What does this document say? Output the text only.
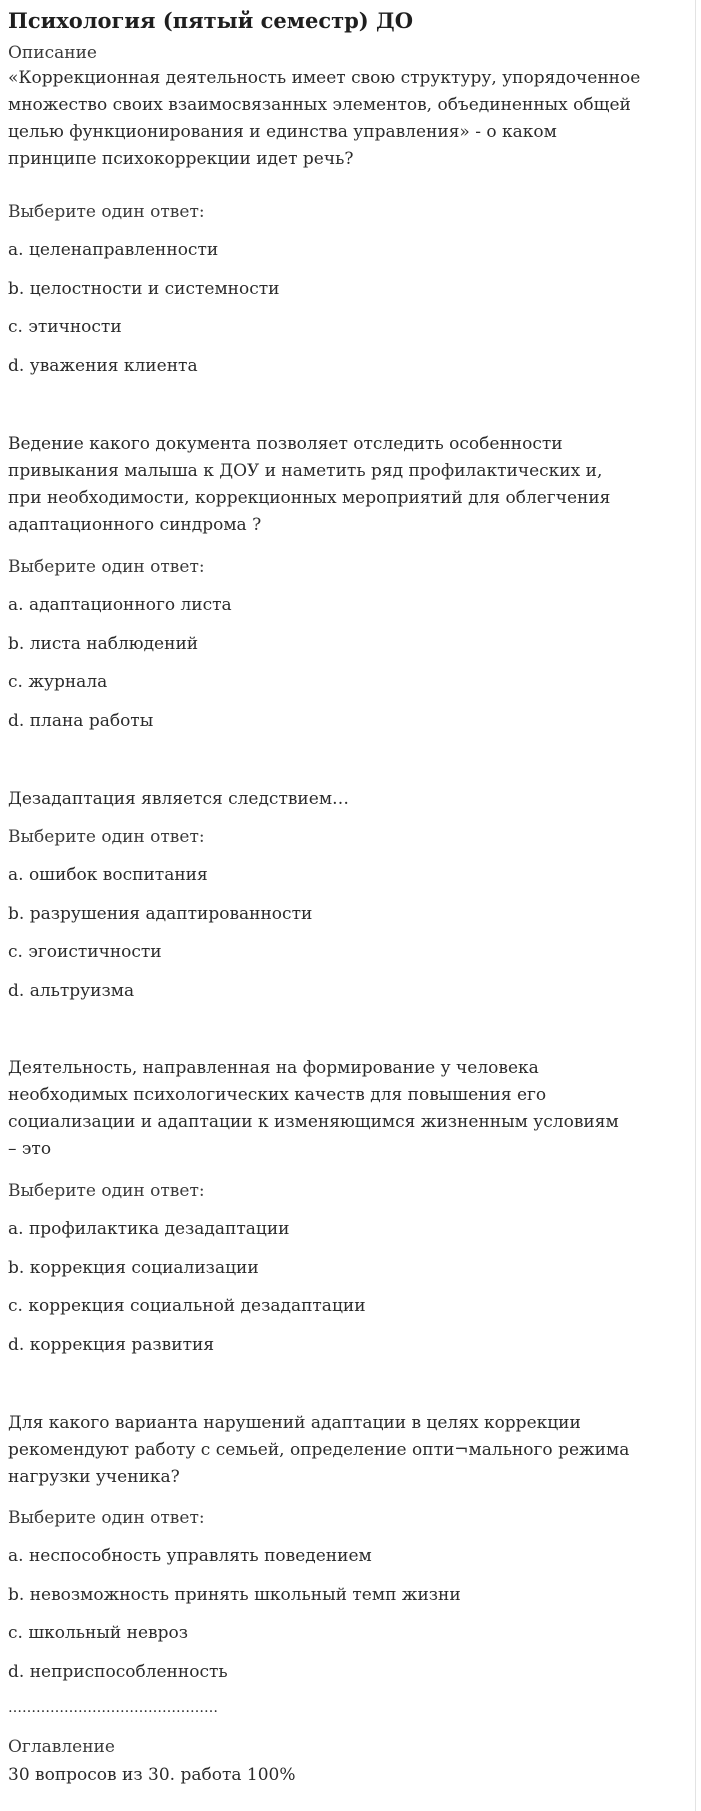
Психология (пятый семестр) ДО
Описание
«Коррекционная деятельность имеет свою структуру, упорядоченное
множество своих взаимосвязанных элементов, объединенных общей
целью функционирования и единства управления» - о каком
принципе психокоррекции идет речь?
Выберите один ответ:
a. целенаправленности
b. целостности и системности
c. этичности
d. уважения клиента
Ведение какого документа позволяет отследить особенности
привыкания малыша к ДОУ и наметить ряд профилактических и,
при необходимости, коррекционных мероприятий для облегчения
адаптационного синдрома ?
Выберите один ответ:
a. адаптационного листа
b. листа наблюдений
c. журнала
d. плана работы
Дезадаптация является следствием…
Выберите один ответ:
a. ошибок воспитания
b. разрушения адаптированности
c. эгоистичности
d. альтруизма
Деятельность, направленная на формирование у человека
необходимых психологических качеств для повышения его
социализации и адаптации к изменяющимся жизненным условиям
– это
Выберите один ответ:
a. профилактика дезадаптации
b. коррекция социализации
c. коррекция социальной дезадаптации
d. коррекция развития
Для какого варианта нарушений адаптации в целях коррекции
рекомендуют работу с семьей, определение опти¬мального режима
нагрузки ученика?
Выберите один ответ:
a. неспособность управлять поведением
b. невозможность принять школьный темп жизни
c. школьный невроз
d. неприспособленность
………………………………………
Оглавление
30 вопросов из 30. работа 100%
